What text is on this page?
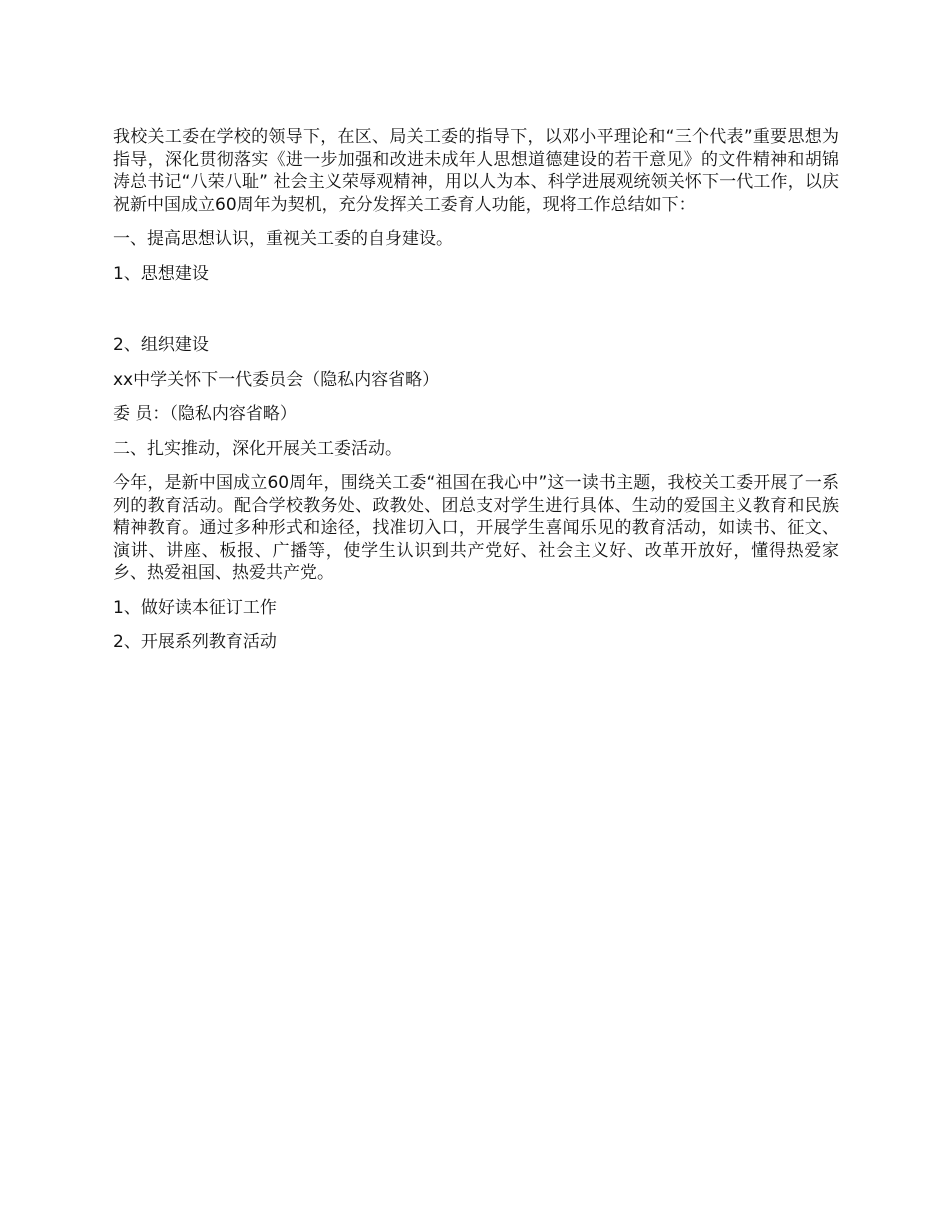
我校关工委在学校的领导下，在区、局关工委的指导下，以邓小平理论和“三个代表”重要思想为指导，深化贯彻落实《进一步加强和改进未成年人思想道德建设的若干意见》的文件精神和胡锦涛总书记“八荣八耻” 社会主义荣辱观精神，用以人为本、科学进展观统领关怀下一代工作，以庆祝新中国成立60周年为契机，充分发挥关工委育人功能，现将工作总结如下：

一、提高思想认识，重视关工委的自身建设。

1、思想建设

2、组织建设

xx中学关怀下一代委员会（隐私内容省略）

委 员：（隐私内容省略）

二、扎实推动，深化开展关工委活动。

今年，是新中国成立60周年，围绕关工委“祖国在我心中”这一读书主题，我校关工委开展了一系列的教育活动。配合学校教务处、政教处、团总支对学生进行具体、生动的爱国主义教育和民族精神教育。通过多种形式和途径，找准切入口，开展学生喜闻乐见的教育活动，如读书、征文、演讲、讲座、板报、广播等，使学生认识到共产党好、社会主义好、改革开放好，懂得热爱家乡、热爱祖国、热爱共产党。

1、做好读本征订工作

2、开展系列教育活动
